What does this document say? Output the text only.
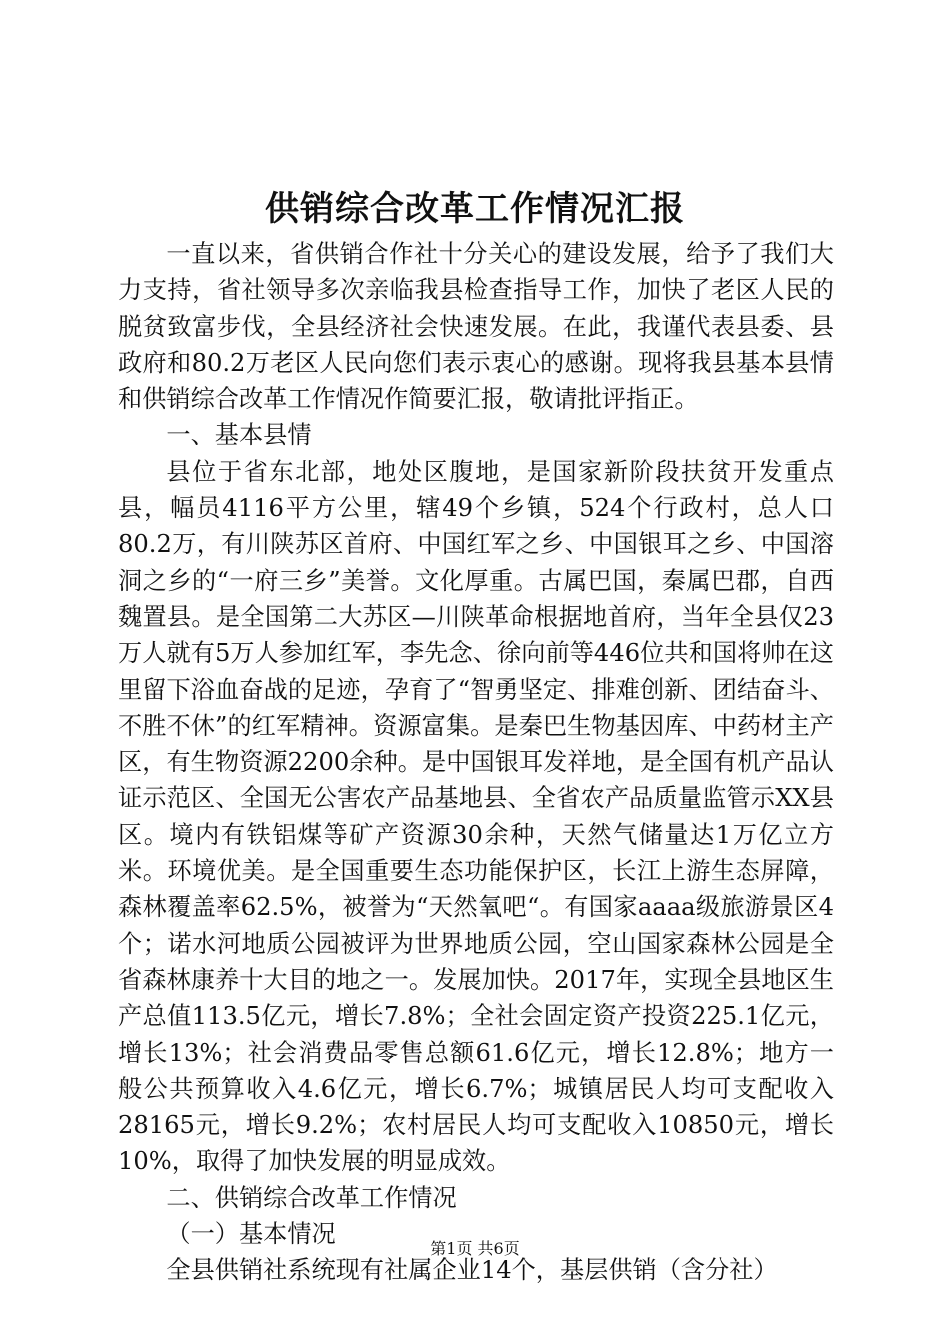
供销综合改革工作情况汇报

一直以来，省供销合作社十分关心的建设发展，给予了我们大力支持，省社领导多次亲临我县检查指导工作，加快了老区人民的脱贫致富步伐，全县经济社会快速发展。在此，我谨代表县委、县政府和80.2万老区人民向您们表示衷心的感谢。现将我县基本县情和供销综合改革工作情况作简要汇报，敬请批评指正。

一、基本县情

县位于省东北部，地处区腹地，是国家新阶段扶贫开发重点县，幅员4116平方公里，辖49个乡镇，524个行政村，总人口80.2万，有川陕苏区首府、中国红军之乡、中国银耳之乡、中国溶洞之乡的“一府三乡”美誉。文化厚重。古属巴国，秦属巴郡，自西魏置县。是全国第二大苏区—川陕革命根据地首府，当年全县仅23万人就有5万人参加红军，李先念、徐向前等446位共和国将帅在这里留下浴血奋战的足迹，孕育了“智勇坚定、排难创新、团结奋斗、不胜不休”的红军精神。资源富集。是秦巴生物基因库、中药材主产区，有生物资源2200余种。是中国银耳发祥地，是全国有机产品认证示范区、全国无公害农产品基地县、全省农产品质量监管示XX县区。境内有铁铝煤等矿产资源30余种，天然气储量达1万亿立方米。环境优美。是全国重要生态功能保护区，长江上游生态屏障，森林覆盖率62.5%，被誉为“天然氧吧“。有国家aaaa级旅游景区4个；诺水河地质公园被评为世界地质公园，空山国家森林公园是全省森林康养十大目的地之一。发展加快。2017年，实现全县地区生产总值113.5亿元，增长7.8%；全社会固定资产投资225.1亿元，增长13%；社会消费品零售总额61.6亿元，增长12.8%；地方一般公共预算收入4.6亿元，增长6.7%；城镇居民人均可支配收入28165元，增长9.2%；农村居民人均可支配收入10850元，增长10%，取得了加快发展的明显成效。

二、供销综合改革工作情况

（一）基本情况

全县供销社系统现有社属企业14个，基层供销（含分社）

第1页 共6页
